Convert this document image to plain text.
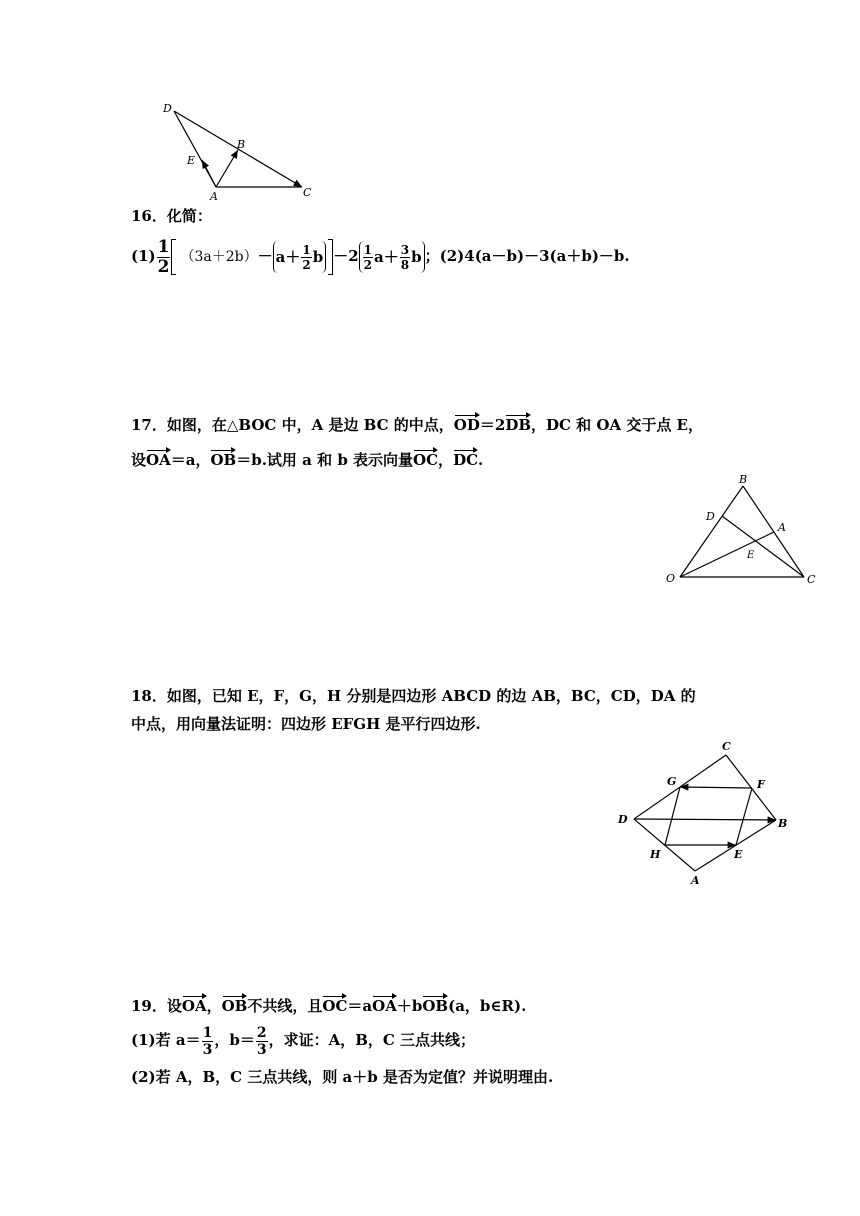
D
B
E
A	C
16．化简：
$(1) \frac{1}{2} (3a+2b)- a+ \frac{1}{2}$ $b -2 \frac{1}{2} a+ \frac{3}{8}$ b ；(2)4(a－b)－3(a＋b)－b.
17．如图，在△BOC 中，A 是边 BC 的中点，OD＝2DB，DC 和 OA 交于点 E，
设OA＝a，OB＝b.试用 a 和 b 表示向量OC，DC.
B
D
A
E
O	C
18．如图，已知 E，F，G，H 分别是四边形 ABCD 的边 AB，BC，CD，DA 的
中点，用向量法证明：四边形 EFGH 是平行四边形.
C
G	F
D	B
H	E
A
19．设OA，OB不共线，且OC＝aOA＋bOB(a，b∈R).
(1)若 $a= \frac{1}{3}$ ，$b= \frac{2}{3}$ ，求证：A，B，C 三点共线；
(2)若 A，B，C 三点共线，则 a＋b 是否为定值？并说明理由.
